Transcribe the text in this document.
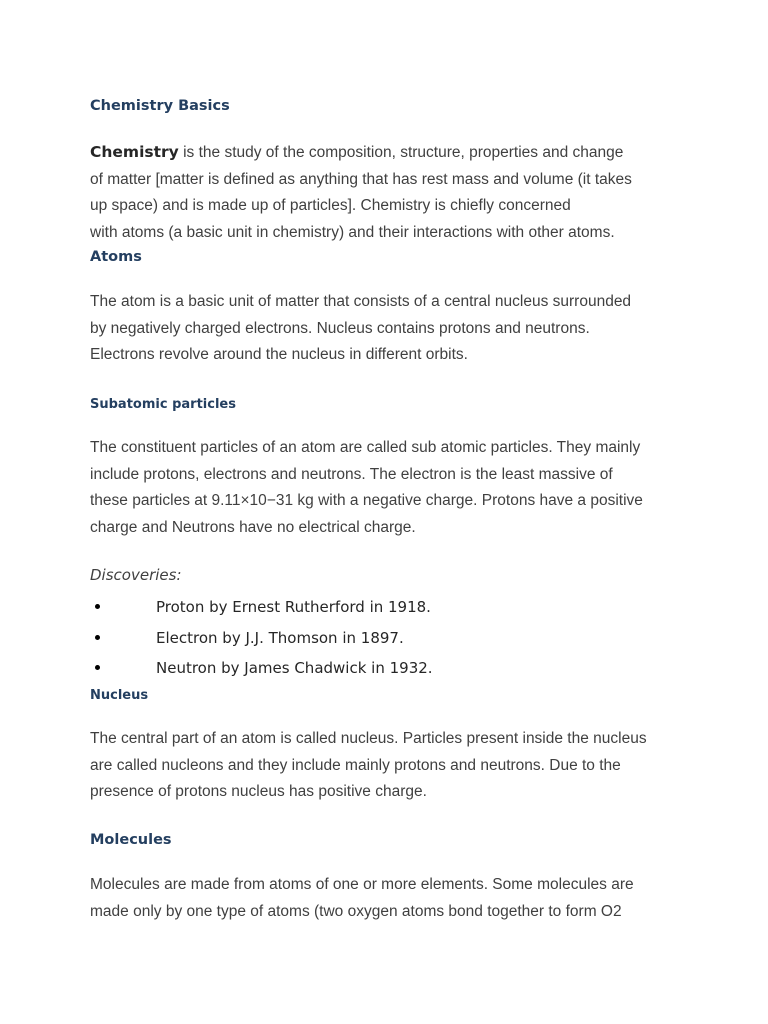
Chemistry Basics
Chemistry is the study of the composition, structure, properties and change
of matter [matter is defined as anything that has rest mass and volume (it takes
up space) and is made up of particles]. Chemistry is chiefly concerned
with atoms (a basic unit in chemistry) and their interactions with other atoms.
Atoms
The atom is a basic unit of matter that consists of a central nucleus surrounded
by negatively charged electrons. Nucleus contains protons and neutrons.
Electrons revolve around the nucleus in different orbits.
Subatomic particles
The constituent particles of an atom are called sub atomic particles. They mainly
include protons, electrons and neutrons. The electron is the least massive of
these particles at 9.11×10−31 kg with a negative charge. Protons have a positive
charge and Neutrons have no electrical charge.
Discoveries:
Proton by Ernest Rutherford in 1918.
Electron by J.J. Thomson in 1897.
Neutron by James Chadwick in 1932.
Nucleus
The central part of an atom is called nucleus. Particles present inside the nucleus
are called nucleons and they include mainly protons and neutrons. Due to the
presence of protons nucleus has positive charge.
Molecules
Molecules are made from atoms of one or more elements. Some molecules are
made only by one type of atoms (two oxygen atoms bond together to form O2
